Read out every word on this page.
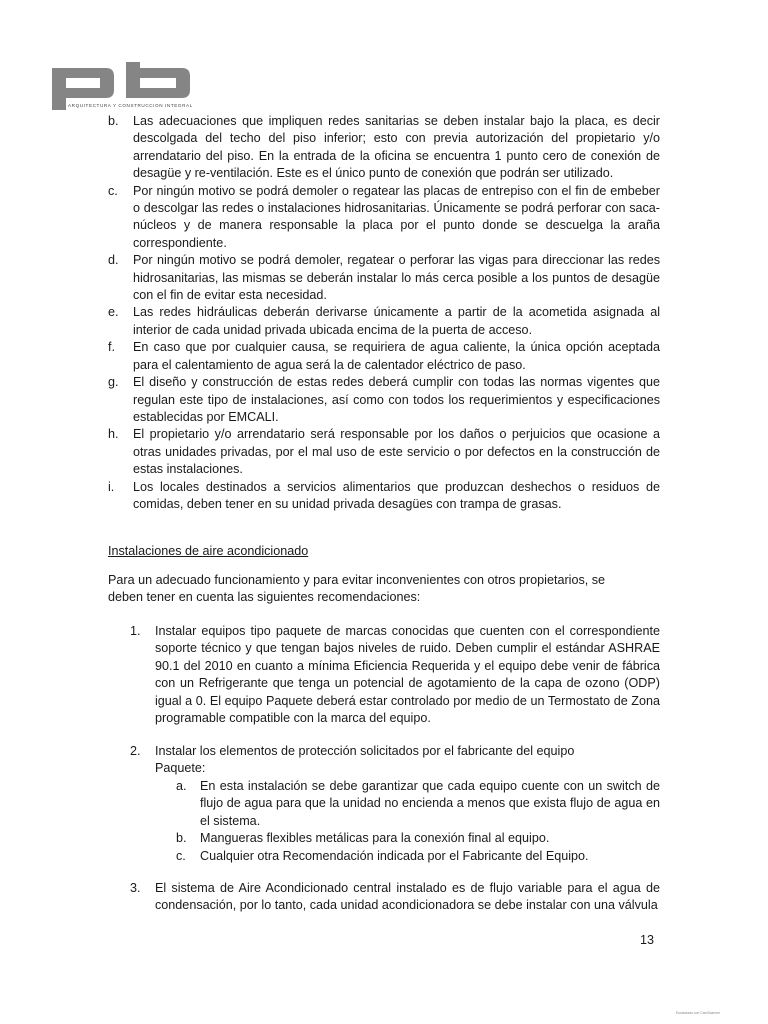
ARQUITECTURA Y CONSTRUCCION INTEGRAL
b. Las adecuaciones que impliquen redes sanitarias se deben instalar bajo la placa, es decir descolgada del techo del piso inferior; esto con previa autorización del propietario y/o arrendatario del piso. En la entrada de la oficina se encuentra 1 punto cero de conexión de desagüe y re-ventilación. Este es el único punto de conexión que podrán ser utilizado.
c. Por ningún motivo se podrá demoler o regatear las placas de entrepiso con el fin de embeber o descolgar las redes o instalaciones hidrosanitarias. Únicamente se podrá perforar con saca-núcleos y de manera responsable la placa por el punto donde se descuelga la araña correspondiente.
d. Por ningún motivo se podrá demoler, regatear o perforar las vigas para direccionar las redes hidrosanitarias, las mismas se deberán instalar lo más cerca posible a los puntos de desagüe con el fin de evitar esta necesidad.
e. Las redes hidráulicas deberán derivarse únicamente a partir de la acometida asignada al interior de cada unidad privada ubicada encima de la puerta de acceso.
f. En caso que por cualquier causa, se requiriera de agua caliente, la única opción aceptada para el calentamiento de agua será la de calentador eléctrico de paso.
g. El diseño y construcción de estas redes deberá cumplir con todas las normas vigentes que regulan este tipo de instalaciones, así como con todos los requerimientos y especificaciones establecidas por EMCALI.
h. El propietario y/o arrendatario será responsable por los daños o perjuicios que ocasione a otras unidades privadas, por el mal uso de este servicio o por defectos en la construcción de estas instalaciones.
i. Los locales destinados a servicios alimentarios que produzcan deshechos o residuos de comidas, deben tener en su unidad privada desagües con trampa de grasas.
Instalaciones de aire acondicionado
Para un adecuado funcionamiento y para evitar inconvenientes con otros propietarios, se deben tener en cuenta las siguientes recomendaciones:
1. Instalar equipos tipo paquete de marcas conocidas que cuenten con el correspondiente soporte técnico y que tengan bajos niveles de ruido. Deben cumplir el estándar ASHRAE 90.1 del 2010 en cuanto a mínima Eficiencia Requerida y el equipo debe venir de fábrica con un Refrigerante que tenga un potencial de agotamiento de la capa de ozono (ODP) igual a 0. El equipo Paquete deberá estar controlado por medio de un Termostato de Zona programable compatible con la marca del equipo.
2. Instalar los elementos de protección solicitados por el fabricante del equipo
Paquete:
a. En esta instalación se debe garantizar que cada equipo cuente con un switch de flujo de agua para que la unidad no encienda a menos que exista flujo de agua en el sistema.
b. Mangueras flexibles metálicas para la conexión final al equipo.
c. Cualquier otra Recomendación indicada por el Fabricante del Equipo.
3. El sistema de Aire Acondicionado central instalado es de flujo variable para el agua de condensación, por lo tanto, cada unidad acondicionadora se debe instalar con una válvula
13
Escaneado con CamScanner
